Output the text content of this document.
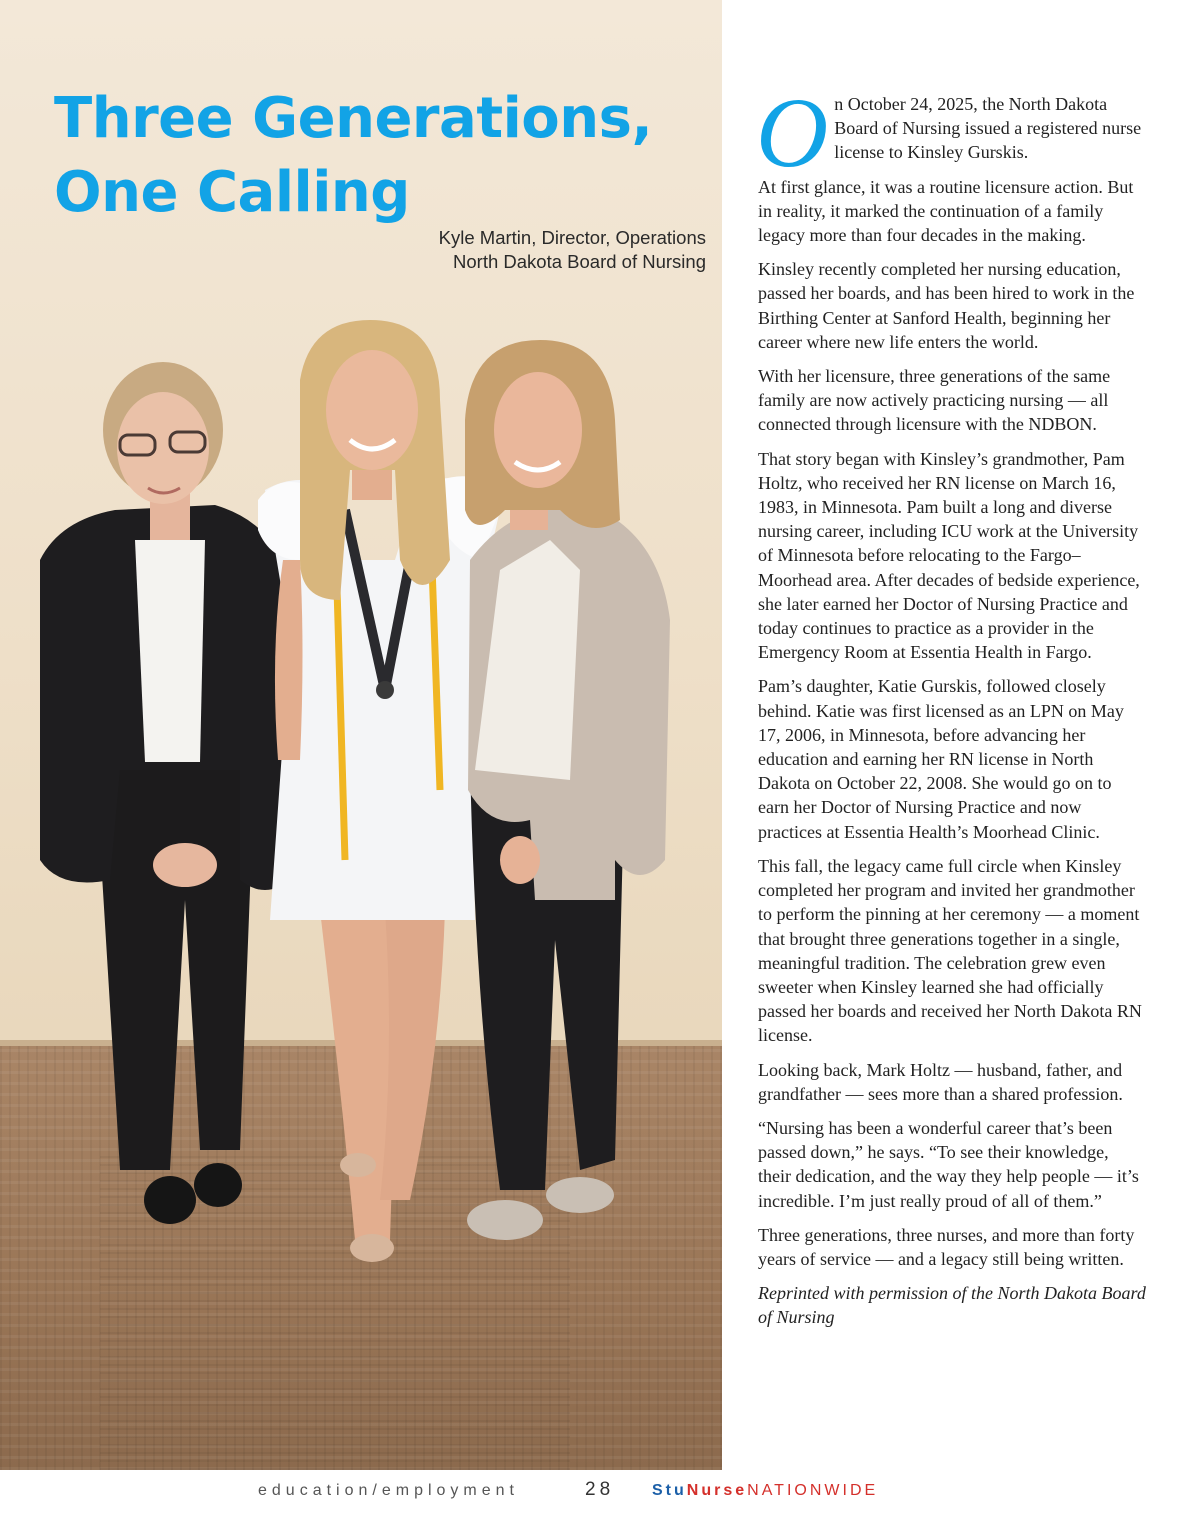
Three Generations,
One Calling
Kyle Martin, Director, Operations
North Dakota Board of Nursing

On October 24, 2025, the North Dakota Board of Nursing issued a registered nurse license to Kinsley Gurskis.

At first glance, it was a routine licensure action. But in reality, it marked the continuation of a family legacy more than four decades in the making.

Kinsley recently completed her nursing education, passed her boards, and has been hired to work in the Birthing Center at Sanford Health, beginning her career where new life enters the world.

With her licensure, three generations of the same family are now actively practicing nursing — all connected through licensure with the NDBON.

That story began with Kinsley’s grandmother, Pam Holtz, who received her RN license on March 16, 1983, in Minnesota. Pam built a long and diverse nursing career, including ICU work at the University of Minnesota before relocating to the Fargo–Moorhead area. After decades of bedside experience, she later earned her Doctor of Nursing Practice and today continues to practice as a provider in the Emergency Room at Essentia Health in Fargo.

Pam’s daughter, Katie Gurskis, followed closely behind. Katie was first licensed as an LPN on May 17, 2006, in Minnesota, before advancing her education and earning her RN license in North Dakota on October 22, 2008. She would go on to earn her Doctor of Nursing Practice and now practices at Essentia Health’s Moorhead Clinic.

This fall, the legacy came full circle when Kinsley completed her program and invited her grandmother to perform the pinning at her ceremony — a moment that brought three generations together in a single, meaningful tradition. The celebration grew even sweeter when Kinsley learned she had officially passed her boards and received her North Dakota RN license.

Looking back, Mark Holtz — husband, father, and grandfather — sees more than a shared profession.

“Nursing has been a wonderful career that’s been passed down,” he says. “To see their knowledge, their dedication, and the way they help people — it’s incredible. I’m just really proud of all of them.”

Three generations, three nurses, and more than forty years of service — and a legacy still being written.

Reprinted with permission of the North Dakota Board of Nursing

education/employment	28 StuNurseNATIONWIDE
